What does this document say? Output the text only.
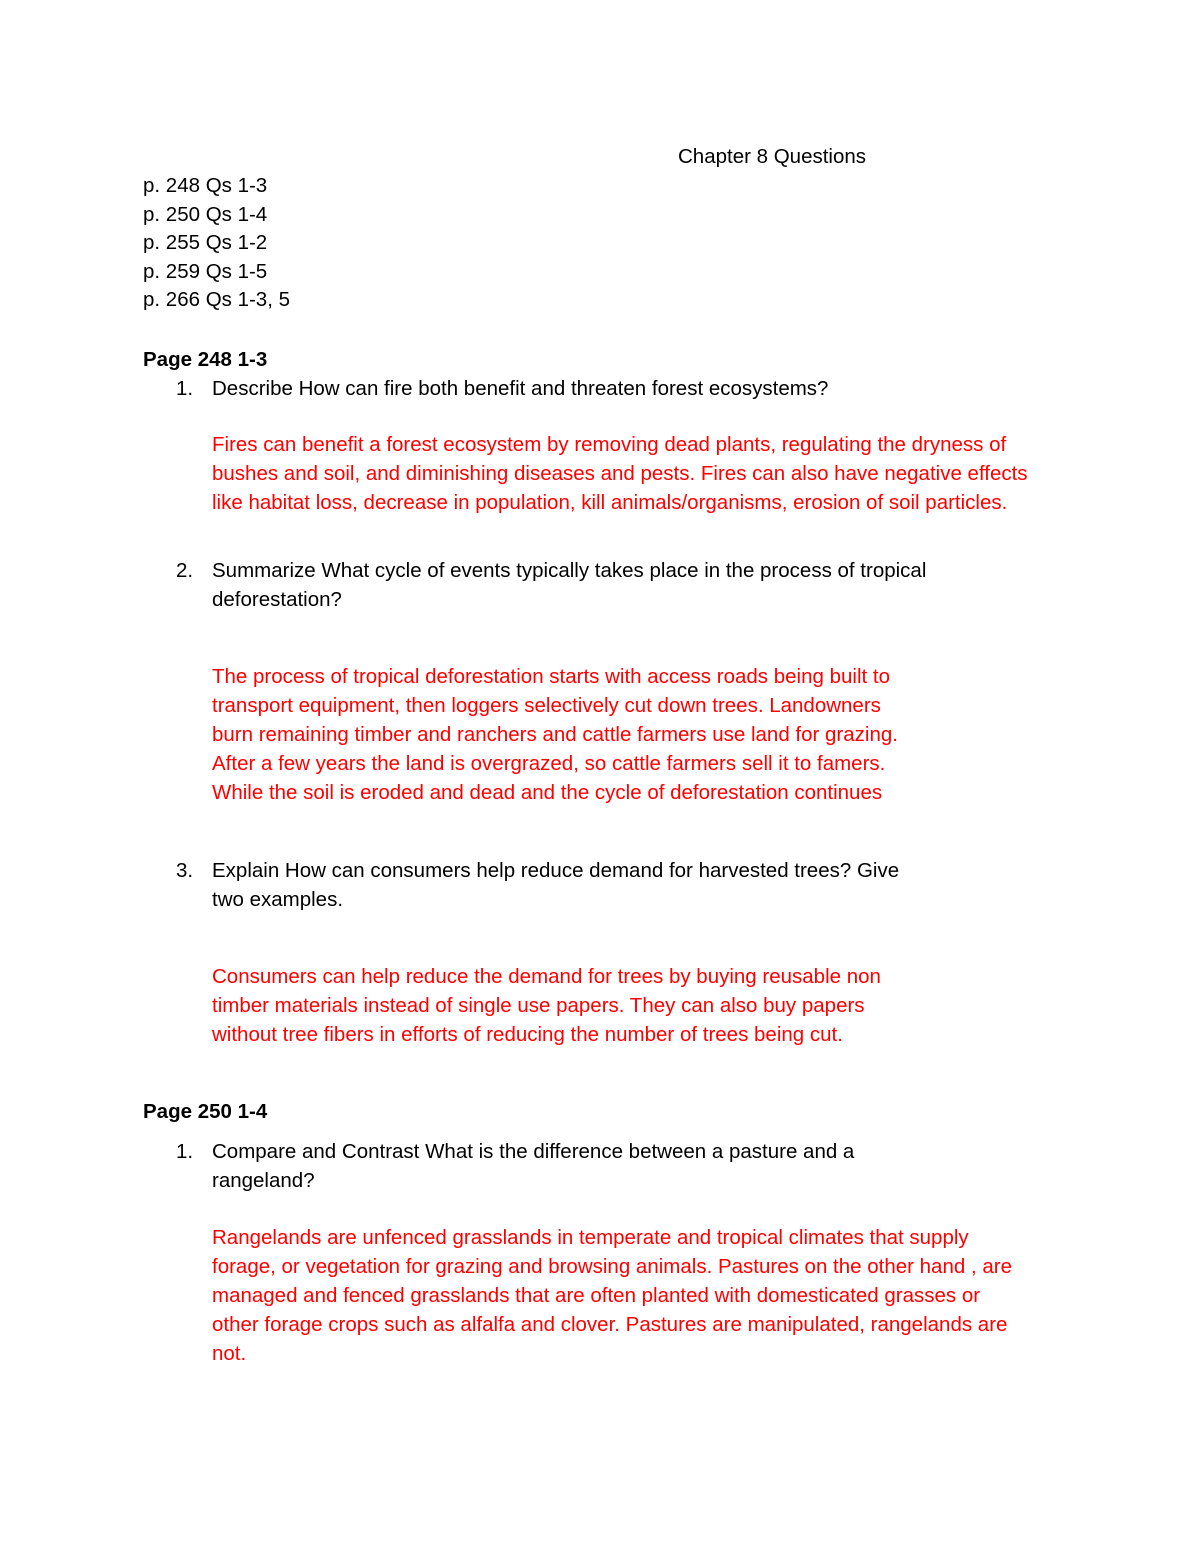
Chapter 8 Questions
p. 248 Qs 1-3
p. 250 Qs 1-4
p. 255 Qs 1-2
p. 259 Qs 1-5
p. 266 Qs 1-3, 5
Page 248 1-3
1. Describe How can fire both benefit and threaten forest ecosystems?
Fires can benefit a forest ecosystem by removing dead plants, regulating the dryness of
bushes and soil, and diminishing diseases and pests. Fires can also have negative effects
like habitat loss, decrease in population, kill animals/organisms, erosion of soil particles.
2. Summarize What cycle of events typically takes place in the process of tropical
deforestation?
The process of tropical deforestation starts with access roads being built to
transport equipment, then loggers selectively cut down trees. Landowners
burn remaining timber and ranchers and cattle farmers use land for grazing.
After a few years the land is overgrazed, so cattle farmers sell it to famers.
While the soil is eroded and dead and the cycle of deforestation continues
3. Explain How can consumers help reduce demand for harvested trees? Give
two examples.
Consumers can help reduce the demand for trees by buying reusable non
timber materials instead of single use papers. They can also buy papers
without tree fibers in efforts of reducing the number of trees being cut.
Page 250 1-4
1. Compare and Contrast What is the difference between a pasture and a
rangeland?
Rangelands are unfenced grasslands in temperate and tropical climates that supply
forage, or vegetation for grazing and browsing animals. Pastures on the other hand , are
managed and fenced grasslands that are often planted with domesticated grasses or
other forage crops such as alfalfa and clover. Pastures are manipulated, rangelands are
not.
